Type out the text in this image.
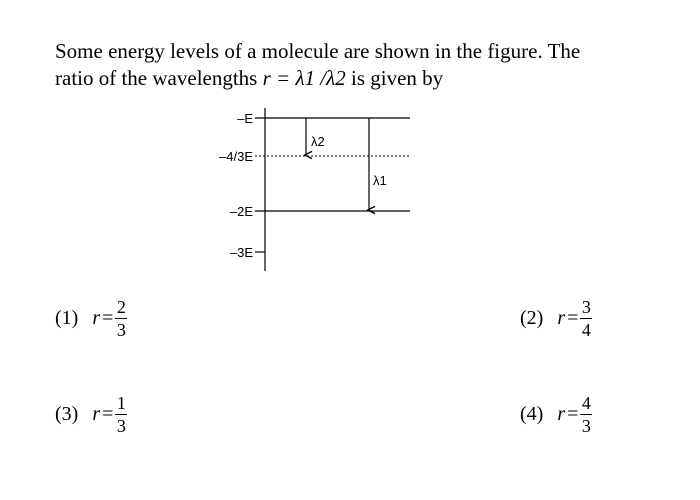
Some energy levels of a molecule are shown in the figure. The
ratio of the wavelengths r = λ1 /λ2 is given by
–E
–4/3E
–2E
–3E
λ2
λ1
(1) $r = \frac{2}{3}$	(2) $r = \frac{3}{4}$
(3) $r = \frac{1}{3}$	(4) $r = \frac{4}{3}$
